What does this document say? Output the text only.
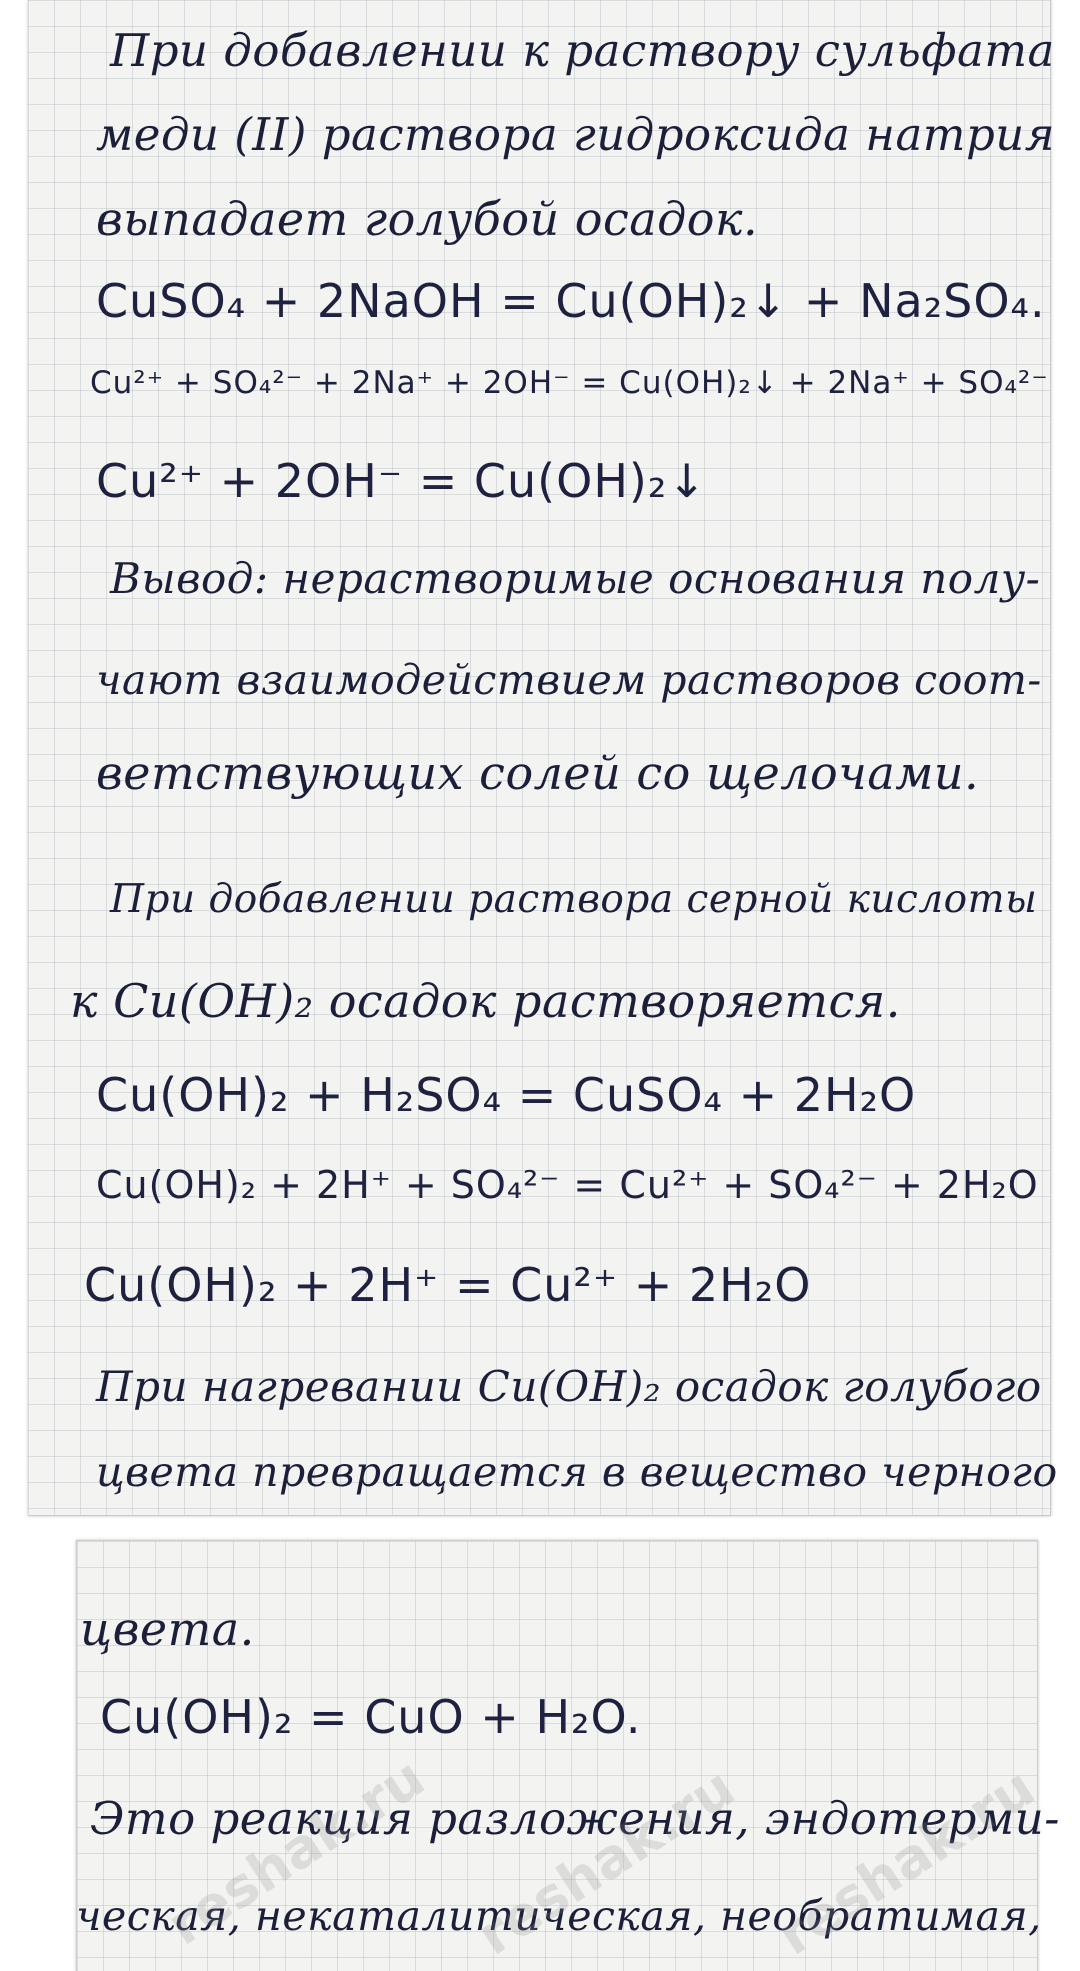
При добавлении к раствору сульфата

меди (II) раствора гидроксида натрия

выпадает голубой осадок.

CuSO₄ + 2NaOH = Cu(OH)₂↓ + Na₂SO₄.

Cu²⁺ + SO₄²⁻ + 2Na⁺ + 2OH⁻ = Cu(OH)₂↓ + 2Na⁺ + SO₄²⁻

Cu²⁺ + 2OH⁻ = Cu(OH)₂↓

Вывод: нерастворимые основания полу-

чают взаимодействием растворов соот-

ветствующих солей со щелочами.

При добавлении раствора серной кислоты

к Cu(OH)₂ осадок растворяется.

Cu(OH)₂ + H₂SO₄ = CuSO₄ + 2H₂O

Cu(OH)₂ + 2H⁺ + SO₄²⁻ = Cu²⁺ + SO₄²⁻ + 2H₂O

Cu(OH)₂ + 2H⁺ = Cu²⁺ + 2H₂O

При нагревании Cu(OH)₂ осадок голубого

цвета превращается в вещество черного

цвета.

Cu(OH)₂ = CuO + H₂O.

Это реакция разложения, эндотерми-

ческая, некаталитическая, необратимая,

reshak.ru reshak.ru reshak.ru
